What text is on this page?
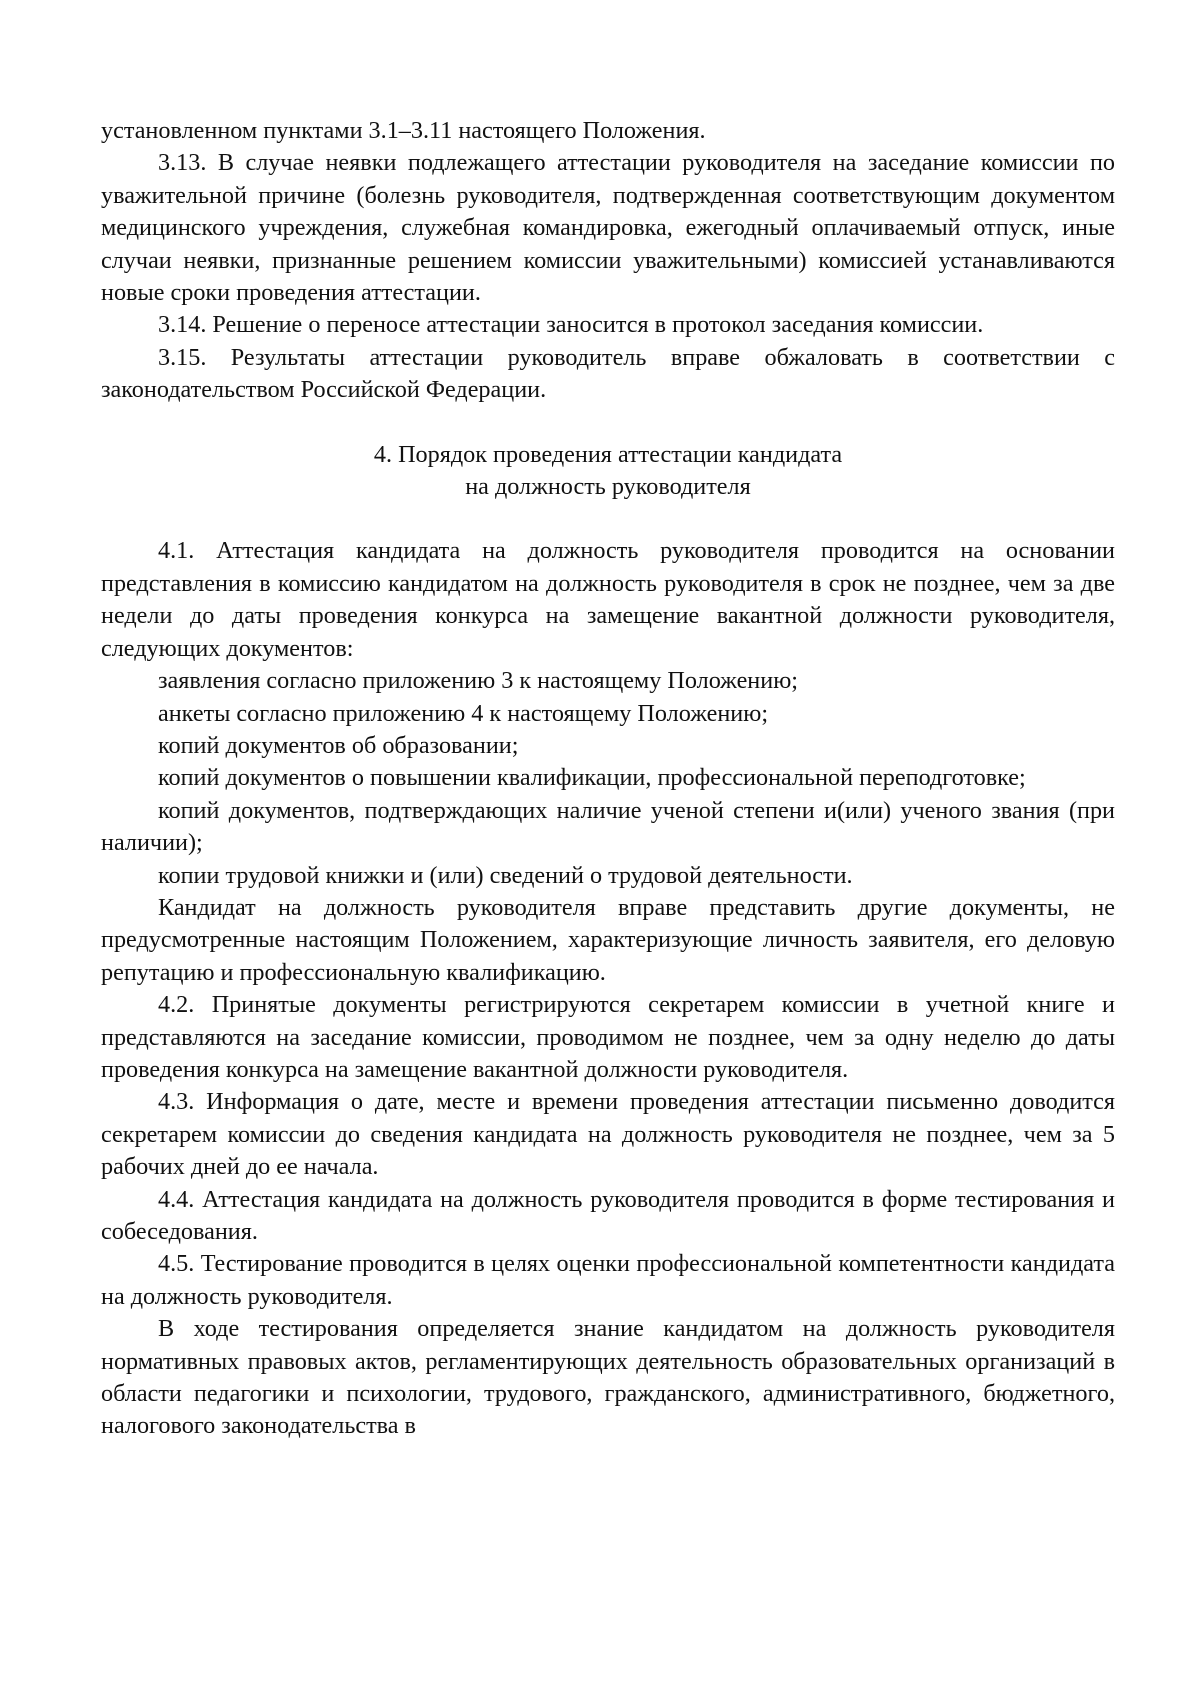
установленном пунктами 3.1–3.11 настоящего Положения.

3.13. В случае неявки подлежащего аттестации руководителя на заседание комиссии по уважительной причине (болезнь руководителя, подтвержденная соответствующим документом медицинского учреждения, служебная командировка, ежегодный оплачиваемый отпуск, иные случаи неявки, признанные решением комиссии уважительными) комиссией устанавливаются новые сроки проведения аттестации.

3.14. Решение о переносе аттестации заносится в протокол заседания комиссии.

3.15. Результаты аттестации руководитель вправе обжаловать в соответствии с законодательством Российской Федерации.

4. Порядок проведения аттестации кандидата
на должность руководителя

4.1. Аттестация кандидата на должность руководителя проводится на основании представления в комиссию кандидатом на должность руководителя в срок не позднее, чем за две недели до даты проведения конкурса на замещение вакантной должности руководителя, следующих документов:

заявления согласно приложению 3 к настоящему Положению;

анкеты согласно приложению 4 к настоящему Положению;

копий документов об образовании;

копий документов о повышении квалификации, профессиональной переподготовке;

копий документов, подтверждающих наличие ученой степени и(или) ученого звания (при наличии);

копии трудовой книжки и (или) сведений о трудовой деятельности.

Кандидат на должность руководителя вправе представить другие документы, не предусмотренные настоящим Положением, характеризующие личность заявителя, его деловую репутацию и профессиональную квалификацию.

4.2. Принятые документы регистрируются секретарем комиссии в учетной книге и представляются на заседание комиссии, проводимом не позднее, чем за одну неделю до даты проведения конкурса на замещение вакантной должности руководителя.

4.3. Информация о дате, месте и времени проведения аттестации письменно доводится секретарем комиссии до сведения кандидата на должность руководителя не позднее, чем за 5 рабочих дней до ее начала.

4.4. Аттестация кандидата на должность руководителя проводится в форме тестирования и собеседования.

4.5. Тестирование проводится в целях оценки профессиональной компетентности кандидата на должность руководителя.

В ходе тестирования определяется знание кандидатом на должность руководителя нормативных правовых актов, регламентирующих деятельность образовательных организаций в области педагогики и психологии, трудового, гражданского, административного, бюджетного, налогового законодательства в
